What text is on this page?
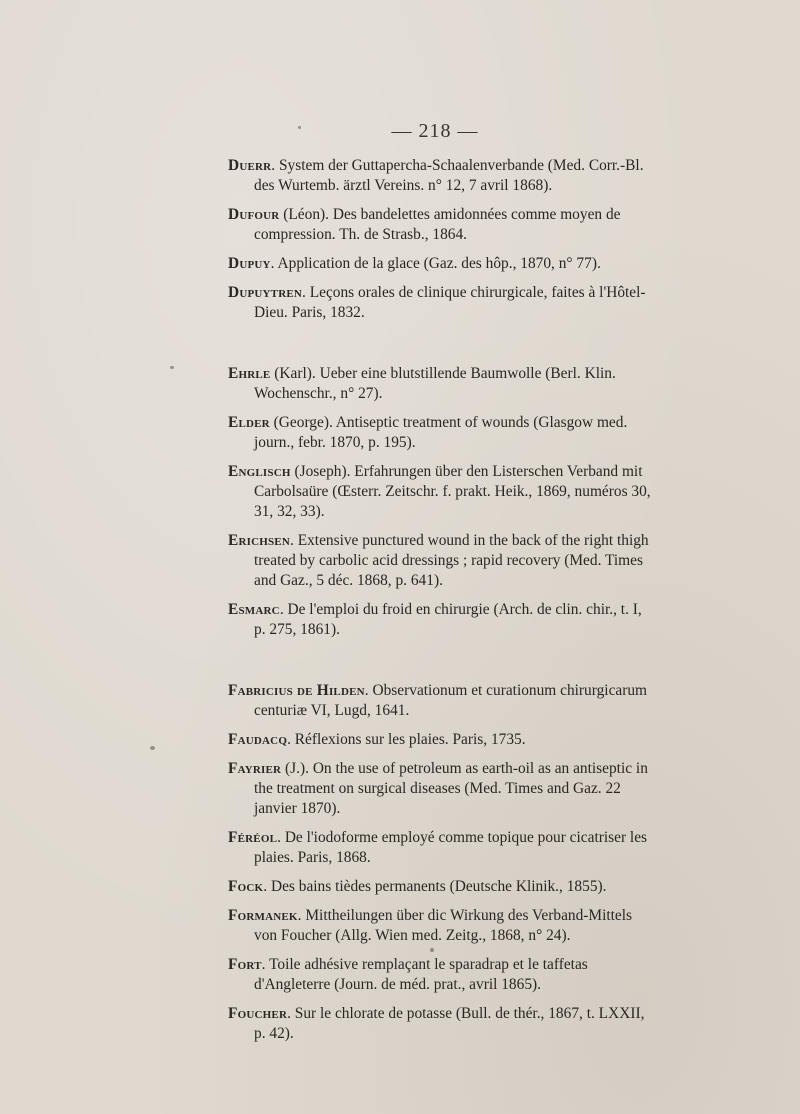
— 218 —

Duerr. System der Guttapercha-Schaalenverbande (Med. Corr.-Bl. des Wurtemb. ärztl Vereins. n° 12, 7 avril 1868).

Dufour (Léon). Des bandelettes amidonnées comme moyen de compression. Th. de Strasb., 1864.

Dupuy. Application de la glace (Gaz. des hôp., 1870, n° 77).

Dupuytren. Leçons orales de clinique chirurgicale, faites à l'Hôtel-Dieu. Paris, 1832.

Ehrle (Karl). Ueber eine blutstillende Baumwolle (Berl. Klin. Wochenschr., n° 27).

Elder (George). Antiseptic treatment of wounds (Glasgow med. journ., febr. 1870, p. 195).

Englisch (Joseph). Erfahrungen über den Listerschen Verband mit Carbolsaüre (Œsterr. Zeitschr. f. prakt. Heik., 1869, numéros 30, 31, 32, 33).

Erichsen. Extensive punctured wound in the back of the right thigh treated by carbolic acid dressings ; rapid recovery (Med. Times and Gaz., 5 déc. 1868, p. 641).

Esmarc. De l'emploi du froid en chirurgie (Arch. de clin. chir., t. I, p. 275, 1861).

Fabricius de Hilden. Observationum et curationum chirurgicarum centuriæ VI, Lugd, 1641.

Faudacq. Réflexions sur les plaies. Paris, 1735.

Fayrier (J.). On the use of petroleum as earth-oil as an antiseptic in the treatment on surgical diseases (Med. Times and Gaz. 22 janvier 1870).

Féréol. De l'iodoforme employé comme topique pour cicatriser les plaies. Paris, 1868.

Fock. Des bains tièdes permanents (Deutsche Klinik., 1855).

Formanek. Mittheilungen über dic Wirkung des Verband-Mittels von Foucher (Allg. Wien med. Zeitg., 1868, n° 24).

Fort. Toile adhésive remplaçant le sparadrap et le taffetas d'Angleterre (Journ. de méd. prat., avril 1865).

Foucher. Sur le chlorate de potasse (Bull. de thér., 1867, t. LXXII, p. 42).
